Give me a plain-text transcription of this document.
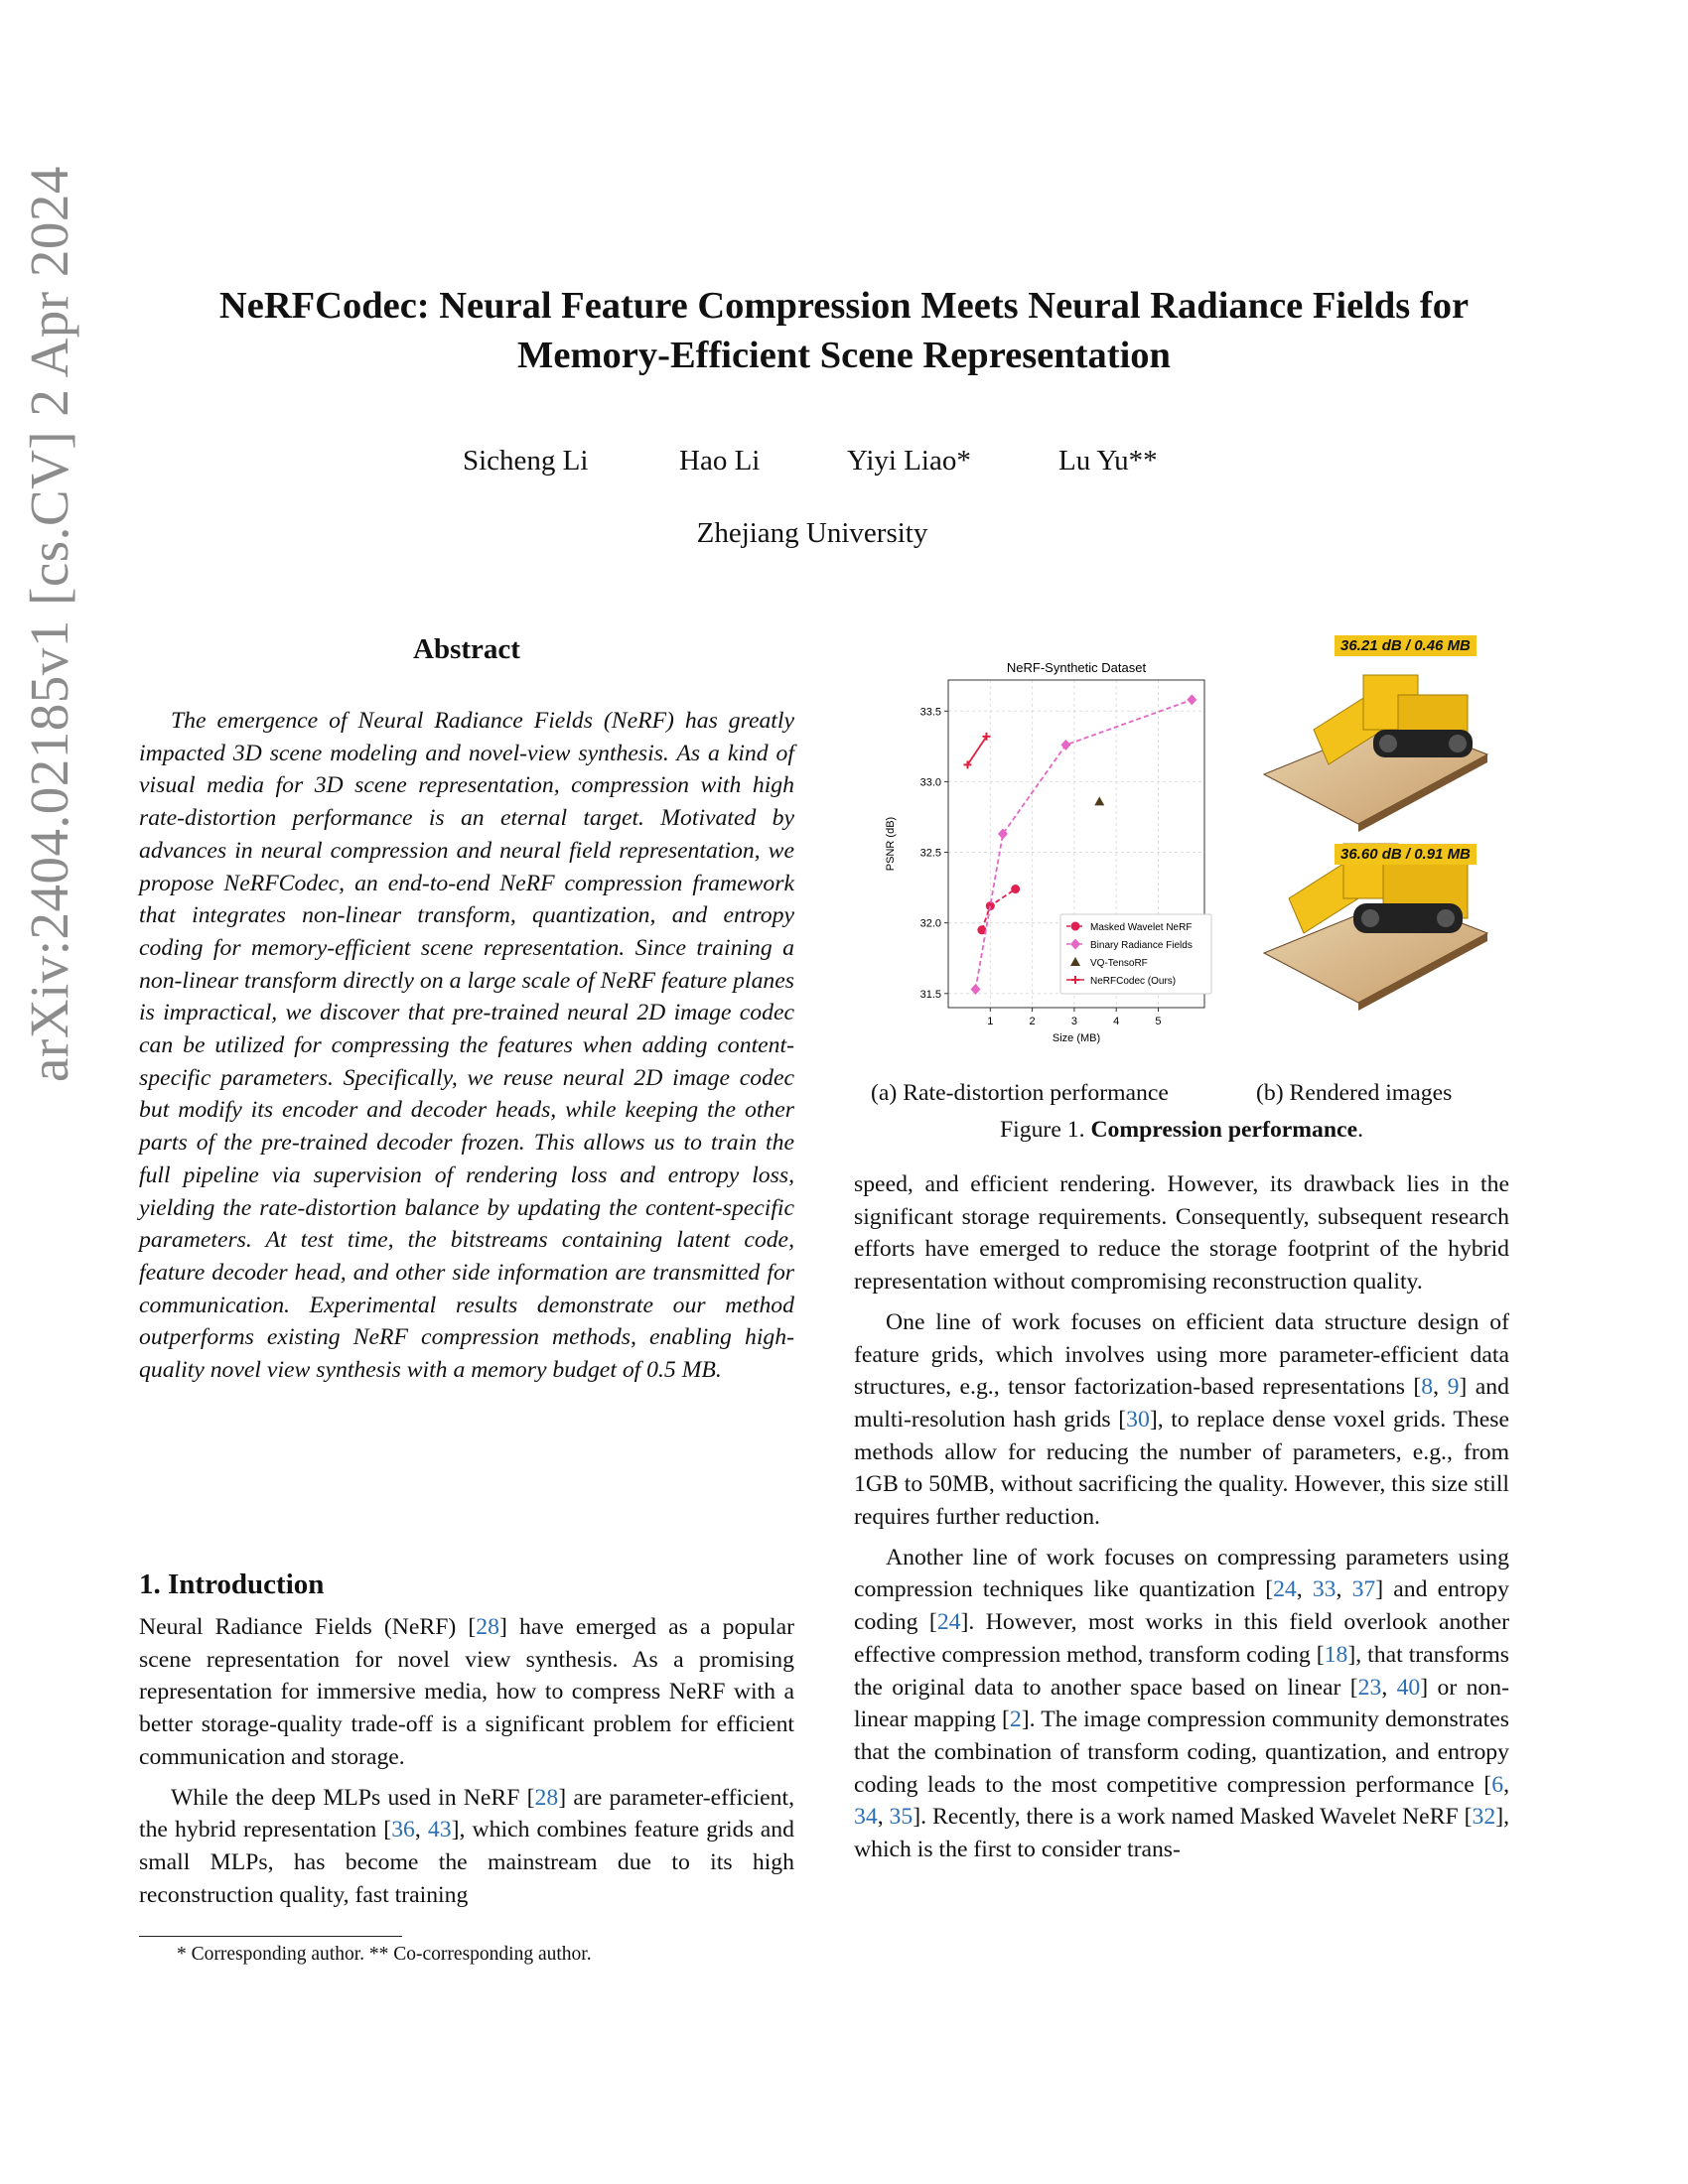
arXiv:2404.02185v1 [cs.CV] 2 Apr 2024	NeRFCodec: Neural Feature Compression Meets Neural Radiance Fields for
Memory-Efficient Scene Representation
Sicheng Li	Hao Li	Yiyi Liao*	Lu Yu**
Zhejiang University
Abstract
The emergence of Neural Radiance Fields (NeRF) has greatly impacted 3D scene modeling and novel-view synthesis. As a kind of visual media for 3D scene representation, compression with high rate-distortion performance is an eternal target. Motivated by advances in neural compression and neural field representation, we propose NeRFCodec, an end-to-end NeRF compression framework that integrates non-linear transform, quantization, and entropy coding for memory-efficient scene representation. Since training a non-linear transform directly on a large scale of NeRF feature planes is impractical, we discover that pre-trained neural 2D image codec can be utilized for compressing the features when adding content-specific parameters. Specifically, we reuse neural 2D image codec but modify its encoder and decoder heads, while keeping the other parts of the pre-trained decoder frozen. This allows us to train the full pipeline via supervision of rendering loss and entropy loss, yielding the rate-distortion balance by updating the content-specific parameters. At test time, the bitstreams containing latent code, feature decoder head, and other side information are transmitted for communication. Experimental results demonstrate our method outperforms existing NeRF compression methods, enabling high-quality novel view synthesis with a memory budget of 0.5 MB.
1. Introduction

Neural Radiance Fields (NeRF) [28] have emerged as a popular scene representation for novel view synthesis. As a promising representation for immersive media, how to compress NeRF with a better storage-quality trade-off is a significant problem for efficient communication and storage.

While the deep MLPs used in NeRF [28] are parameter-efficient, the hybrid representation [36, 43], which combines feature grids and small MLPs, has become the mainstream due to its high reconstruction quality, fast training

* Corresponding author. ** Co-corresponding author.
NeRF-Synthetic Dataset
1	2	3	4	5
31.5
32.0
32.5
33.0
33.5
Size (MB)
PSNR (dB)
Masked Wavelet NeRF
Binary Radiance Fields
VQ-TensoRF
NeRFCodec (Ours)
36.21 dB / 0.46 MB
36.60 dB / 0.91 MB
(a) Rate-distortion performance	(b) Rendered images
Figure 1. Compression performance.

speed, and efficient rendering. However, its drawback lies in the significant storage requirements. Consequently, subsequent research efforts have emerged to reduce the storage footprint of the hybrid representation without compromising reconstruction quality.

One line of work focuses on efficient data structure design of feature grids, which involves using more parameter-efficient data structures, e.g., tensor factorization-based representations [8, 9] and multi-resolution hash grids [30], to replace dense voxel grids. These methods allow for reducing the number of parameters, e.g., from 1GB to 50MB, without sacrificing the quality. However, this size still requires further reduction.

Another line of work focuses on compressing parameters using compression techniques like quantization [24, 33, 37] and entropy coding [24]. However, most works in this field overlook another effective compression method, transform coding [18], that transforms the original data to another space based on linear [23, 40] or non-linear mapping [2]. The image compression community demonstrates that the combination of transform coding, quantization, and entropy coding leads to the most competitive compression performance [6, 34, 35]. Recently, there is a work named Masked Wavelet NeRF [32], which is the first to consider trans-
